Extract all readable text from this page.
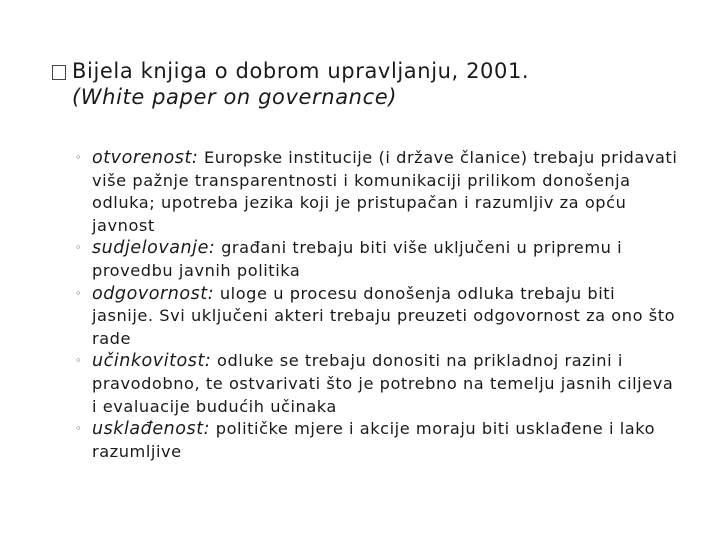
Bijela knjiga o dobrom upravljanju, 2001.
(White paper on governance)
◦ otvorenost: Europske institucije (i države članice) trebaju pridavati više pažnje transparentnosti i komunikaciji prilikom donošenja odluka; upotreba jezika koji je pristupačan i razumljiv za opću javnost
◦ sudjelovanje: građani trebaju biti više uključeni u pripremu i provedbu javnih politika
◦ odgovornost: uloge u procesu donošenja odluka trebaju biti jasnije. Svi uključeni akteri trebaju preuzeti odgovornost za ono što rade
◦ učinkovitost: odluke se trebaju donositi na prikladnoj razini i pravodobno, te ostvarivati što je potrebno na temelju jasnih ciljeva i evaluacije budućih učinaka
◦ usklađenost: političke mjere i akcije moraju biti usklađene i lako razumljive
